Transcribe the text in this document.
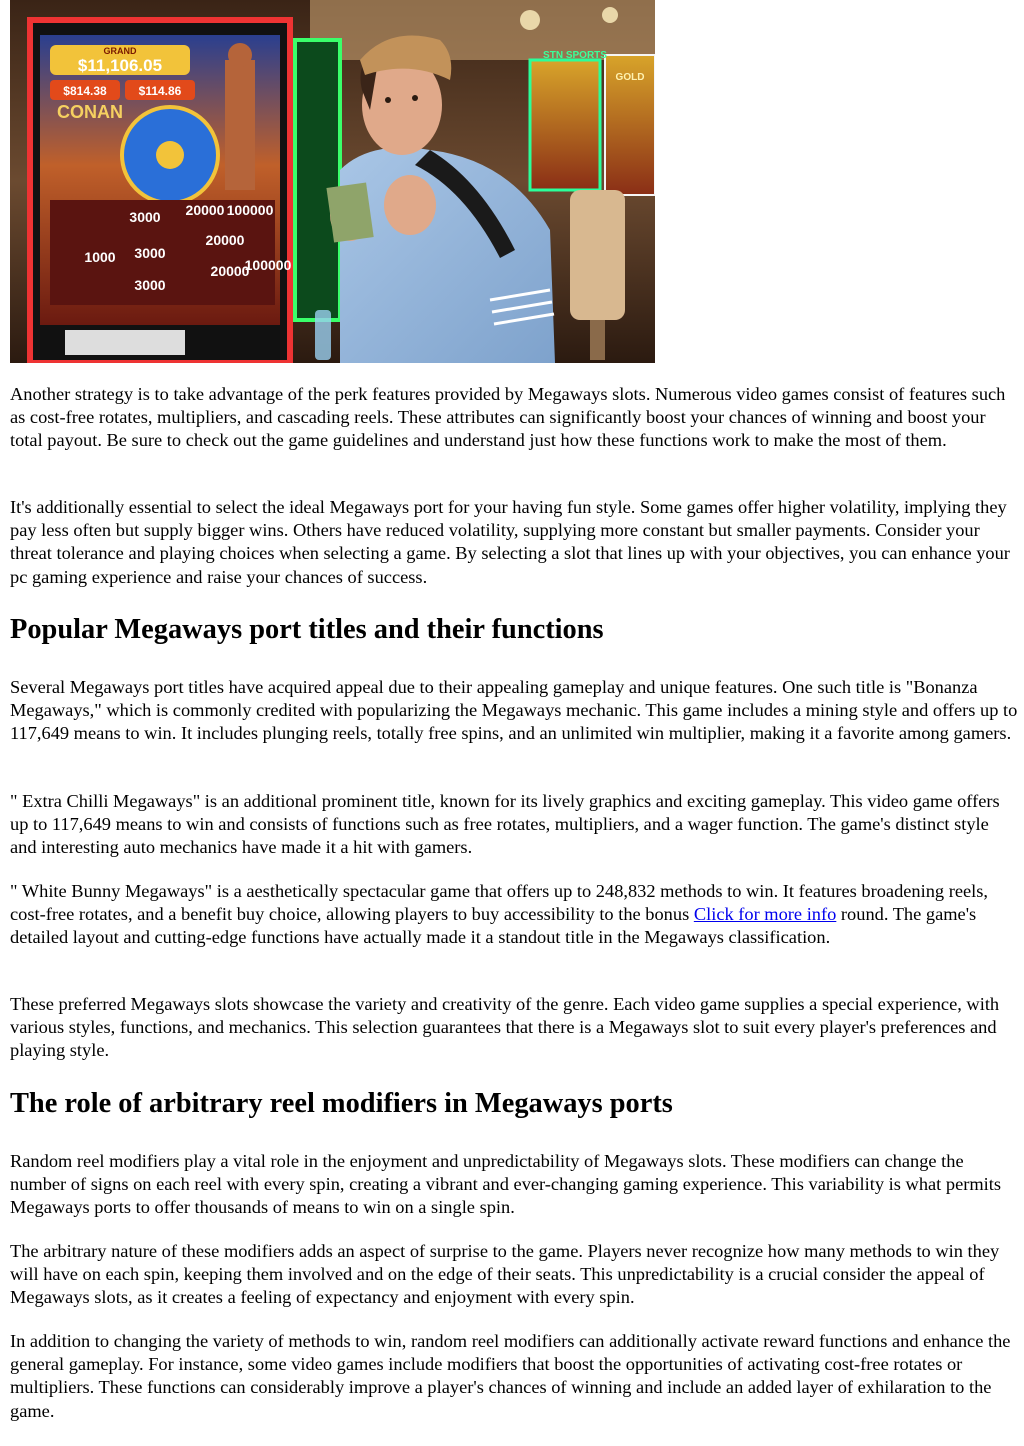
GRAND
$11,106.05
$814.38	$114.86
CONAN
3000 20000 100000
1000 3000
20000
3000
20000
100000
GOLD
STN SPORTS

Another strategy is to take advantage of the perk features provided by Megaways slots. Numerous video games consist of features such as cost-free rotates, multipliers, and cascading reels. These attributes can significantly boost your chances of winning and boost your total payout. Be sure to check out the game guidelines and understand just how these functions work to make the most of them.

It's additionally essential to select the ideal Megaways port for your having fun style. Some games offer higher volatility, implying they pay less often but supply bigger wins. Others have reduced volatility, supplying more constant but smaller payments. Consider your threat tolerance and playing choices when selecting a game. By selecting a slot that lines up with your objectives, you can enhance your pc gaming experience and raise your chances of success.

Popular Megaways port titles and their functions

Several Megaways port titles have acquired appeal due to their appealing gameplay and unique features. One such title is "Bonanza Megaways," which is commonly credited with popularizing the Megaways mechanic. This game includes a mining style and offers up to 117,649 means to win. It includes plunging reels, totally free spins, and an unlimited win multiplier, making it a favorite among gamers.

" Extra Chilli Megaways" is an additional prominent title, known for its lively graphics and exciting gameplay. This video game offers up to 117,649 means to win and consists of functions such as free rotates, multipliers, and a wager function. The game's distinct style and interesting auto mechanics have made it a hit with gamers.

" White Bunny Megaways" is a aesthetically spectacular game that offers up to 248,832 methods to win. It features broadening reels, cost-free rotates, and a benefit buy choice, allowing players to buy accessibility to the bonus Click for more info round. The game's detailed layout and cutting-edge functions have actually made it a standout title in the Megaways classification.

These preferred Megaways slots showcase the variety and creativity of the genre. Each video game supplies a special experience, with various styles, functions, and mechanics. This selection guarantees that there is a Megaways slot to suit every player's preferences and playing style.

The role of arbitrary reel modifiers in Megaways ports

Random reel modifiers play a vital role in the enjoyment and unpredictability of Megaways slots. These modifiers can change the number of signs on each reel with every spin, creating a vibrant and ever-changing gaming experience. This variability is what permits Megaways ports to offer thousands of means to win on a single spin.

The arbitrary nature of these modifiers adds an aspect of surprise to the game. Players never recognize how many methods to win they will have on each spin, keeping them involved and on the edge of their seats. This unpredictability is a crucial consider the appeal of Megaways slots, as it creates a feeling of expectancy and enjoyment with every spin.

In addition to changing the variety of methods to win, random reel modifiers can additionally activate reward functions and enhance the general gameplay. For instance, some video games include modifiers that boost the opportunities of activating cost-free rotates or multipliers. These functions can considerably improve a player's chances of winning and include an added layer of exhilaration to the game.
